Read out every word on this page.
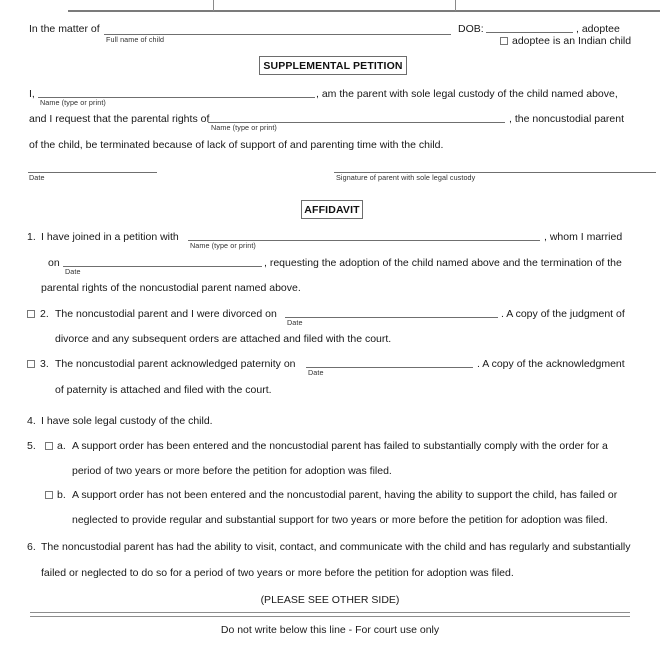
In the matter of
Full name of child
DOB:	, adoptee
adoptee is an Indian child
SUPPLEMENTAL PETITION
I,
Name (type or print)
, am the parent with sole legal custody of the child named above,
and I request that the parental rights of
Name (type or print)
, the noncustodial parent
of the child, be terminated because of lack of support of and parenting time with the child.
Date	Signature of parent with sole legal custody
AFFIDAVIT
1. I have joined in a petition with
Name (type or print)
, whom I married
on
Date
, requesting the adoption of the child named above and the termination of the
parental rights of the noncustodial parent named above.
2. The noncustodial parent and I were divorced on
Date
. A copy of the judgment of
divorce and any subsequent orders are attached and filed with the court.
3. The noncustodial parent acknowledged paternity on
Date
. A copy of the acknowledgment
of paternity is attached and filed with the court.
4. I have sole legal custody of the child.
5. a. A support order has been entered and the noncustodial parent has failed to substantially comply with the order for a
period of two years or more before the petition for adoption was filed.
b. A support order has not been entered and the noncustodial parent, having the ability to support the child, has failed or
neglected to provide regular and substantial support for two years or more before the petition for adoption was filed.
6. The noncustodial parent has had the ability to visit, contact, and communicate with the child and has regularly and substantially
failed or neglected to do so for a period of two years or more before the petition for adoption was filed.
(PLEASE SEE OTHER SIDE)
Do not write below this line - For court use only
